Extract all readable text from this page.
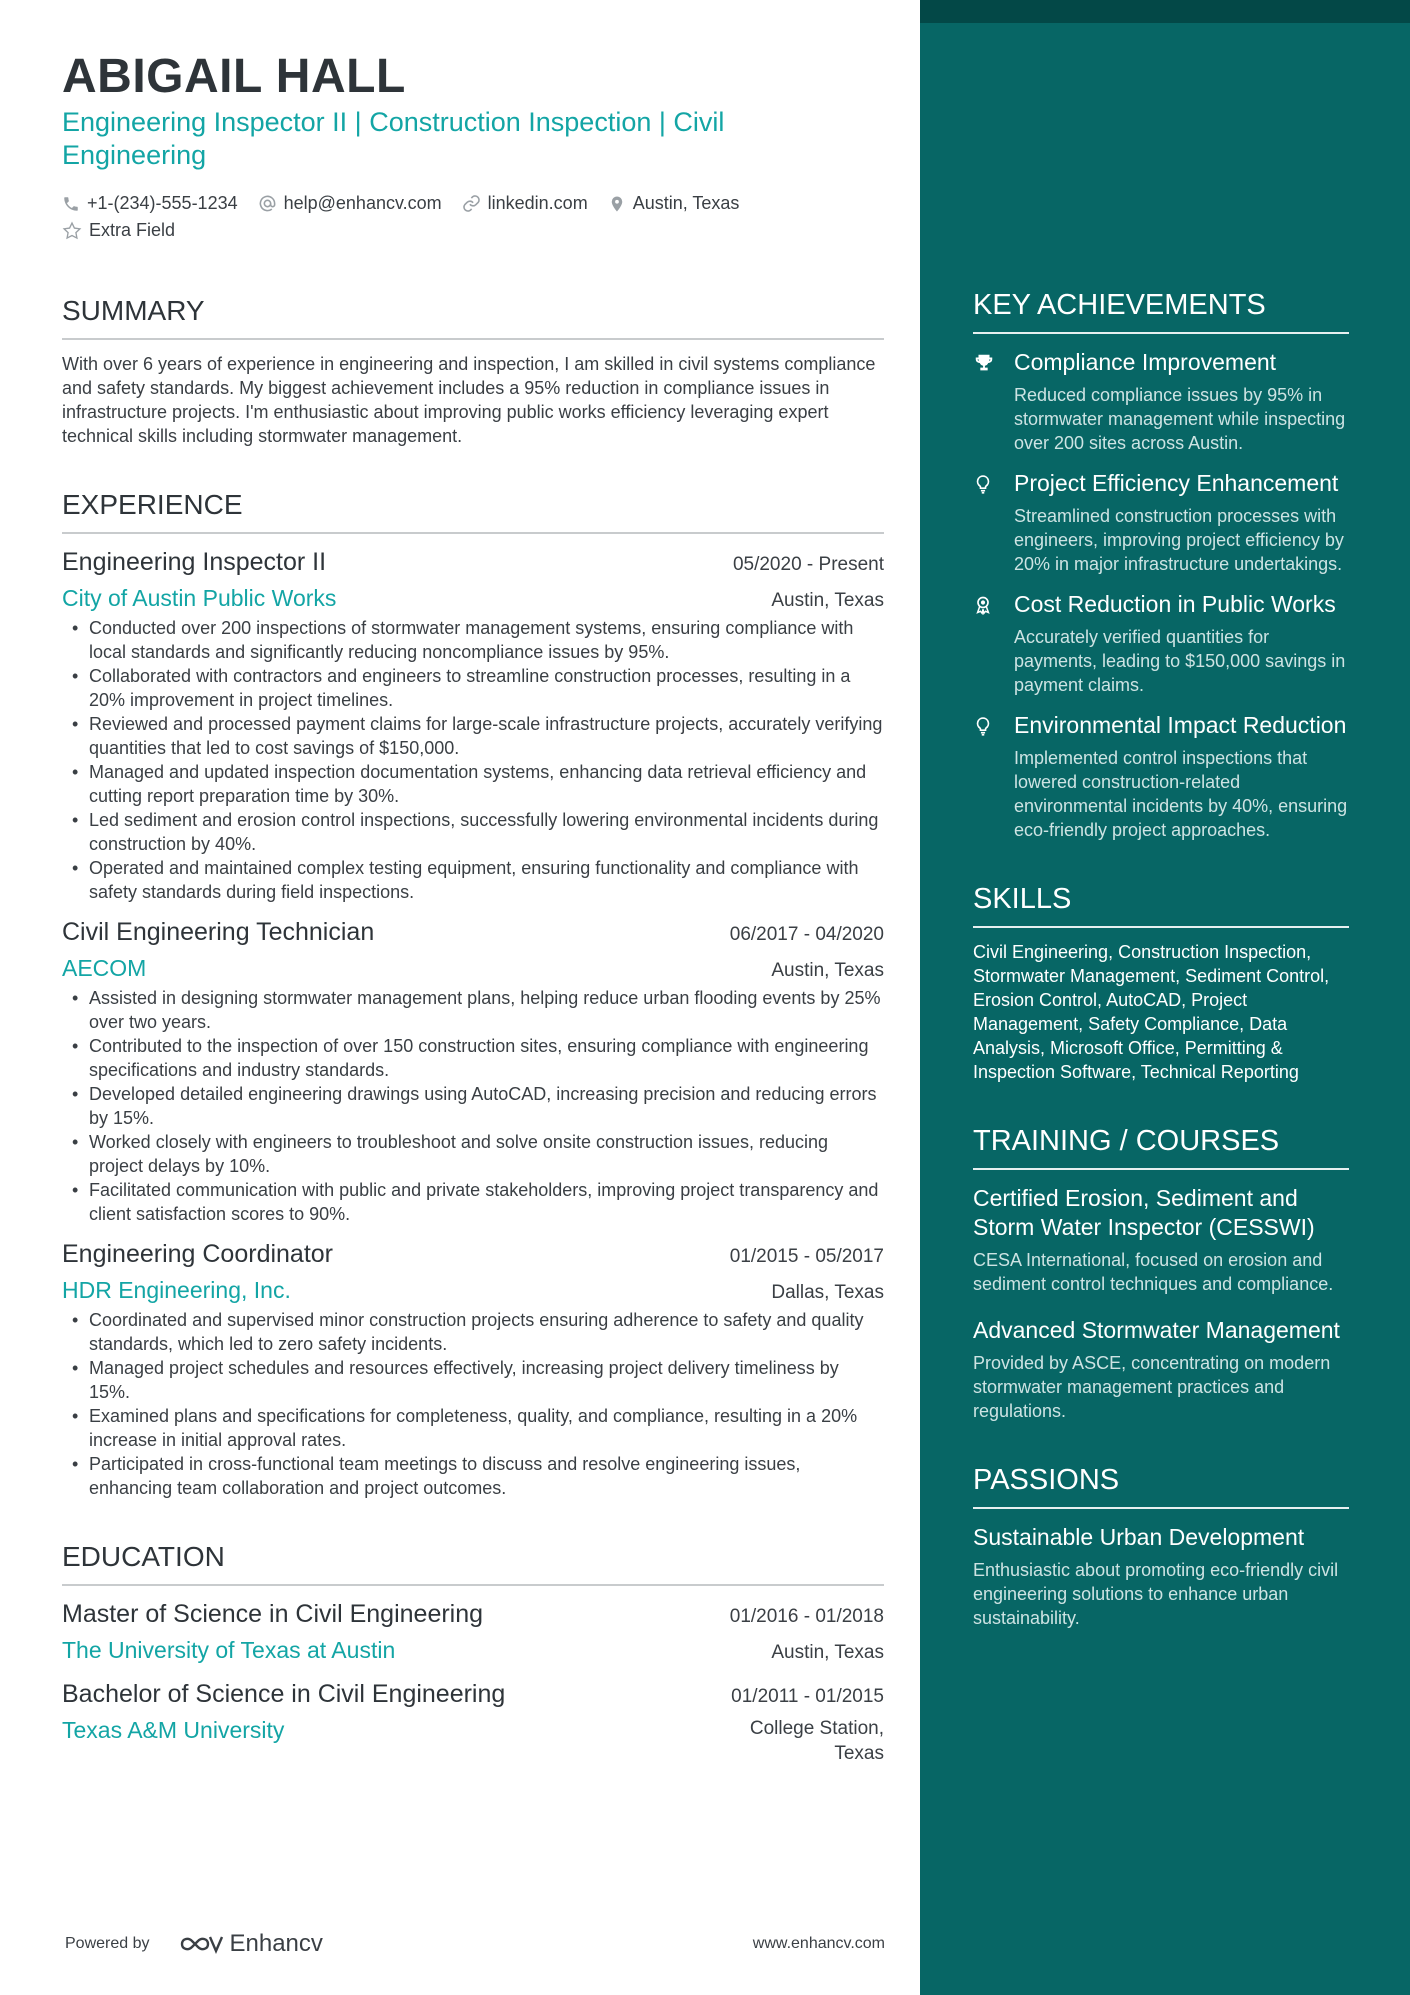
ABIGAIL HALL
Engineering Inspector II | Construction Inspection | Civil Engineering
+1-(234)-555-1234	help@enhancv.com	linkedin.com	Austin, Texas
Extra Field
SUMMARY
With over 6 years of experience in engineering and inspection, I am skilled in civil systems compliance and safety standards. My biggest achievement includes a 95% reduction in compliance issues in infrastructure projects. I'm enthusiastic about improving public works efficiency leveraging expert technical skills including stormwater management.
EXPERIENCE
Engineering Inspector II	05/2020 - Present
City of Austin Public Works	Austin, Texas
• Conducted over 200 inspections of stormwater management systems, ensuring compliance with local standards and significantly reducing noncompliance issues by 95%.
• Collaborated with contractors and engineers to streamline construction processes, resulting in a 20% improvement in project timelines.
• Reviewed and processed payment claims for large-scale infrastructure projects, accurately verifying quantities that led to cost savings of $150,000.
• Managed and updated inspection documentation systems, enhancing data retrieval efficiency and cutting report preparation time by 30%.
• Led sediment and erosion control inspections, successfully lowering environmental incidents during construction by 40%.
• Operated and maintained complex testing equipment, ensuring functionality and compliance with safety standards during field inspections.
Civil Engineering Technician	06/2017 - 04/2020
AECOM	Austin, Texas
• Assisted in designing stormwater management plans, helping reduce urban flooding events by 25% over two years.
• Contributed to the inspection of over 150 construction sites, ensuring compliance with engineering specifications and industry standards.
• Developed detailed engineering drawings using AutoCAD, increasing precision and reducing errors by 15%.
• Worked closely with engineers to troubleshoot and solve onsite construction issues, reducing project delays by 10%.
• Facilitated communication with public and private stakeholders, improving project transparency and client satisfaction scores to 90%.
Engineering Coordinator	01/2015 - 05/2017
HDR Engineering, Inc.	Dallas, Texas
• Coordinated and supervised minor construction projects ensuring adherence to safety and quality standards, which led to zero safety incidents.
• Managed project schedules and resources effectively, increasing project delivery timeliness by 15%.
• Examined plans and specifications for completeness, quality, and compliance, resulting in a 20% increase in initial approval rates.
• Participated in cross-functional team meetings to discuss and resolve engineering issues, enhancing team collaboration and project outcomes.
EDUCATION
Master of Science in Civil Engineering	01/2016 - 01/2018
The University of Texas at Austin	Austin, Texas
Bachelor of Science in Civil Engineering	01/2011 - 01/2015
Texas A&M University	College Station,
Texas
Powered by	Enhancv	www.enhancv.com
KEY ACHIEVEMENTS
Compliance Improvement
Reduced compliance issues by 95% in stormwater management while inspecting over 200 sites across Austin.
Project Efficiency Enhancement
Streamlined construction processes with engineers, improving project efficiency by 20% in major infrastructure undertakings.
Cost Reduction in Public Works
Accurately verified quantities for payments, leading to $150,000 savings in payment claims.
Environmental Impact Reduction
Implemented control inspections that lowered construction-related environmental incidents by 40%, ensuring eco-friendly project approaches.
SKILLS
Civil Engineering, Construction Inspection, Stormwater Management, Sediment Control, Erosion Control, AutoCAD, Project Management, Safety Compliance, Data Analysis, Microsoft Office, Permitting & Inspection Software, Technical Reporting
TRAINING / COURSES
Certified Erosion, Sediment and Storm Water Inspector (CESSWI)
CESA International, focused on erosion and sediment control techniques and compliance.
Advanced Stormwater Management
Provided by ASCE, concentrating on modern stormwater management practices and regulations.
PASSIONS
Sustainable Urban Development
Enthusiastic about promoting eco-friendly civil engineering solutions to enhance urban sustainability.
